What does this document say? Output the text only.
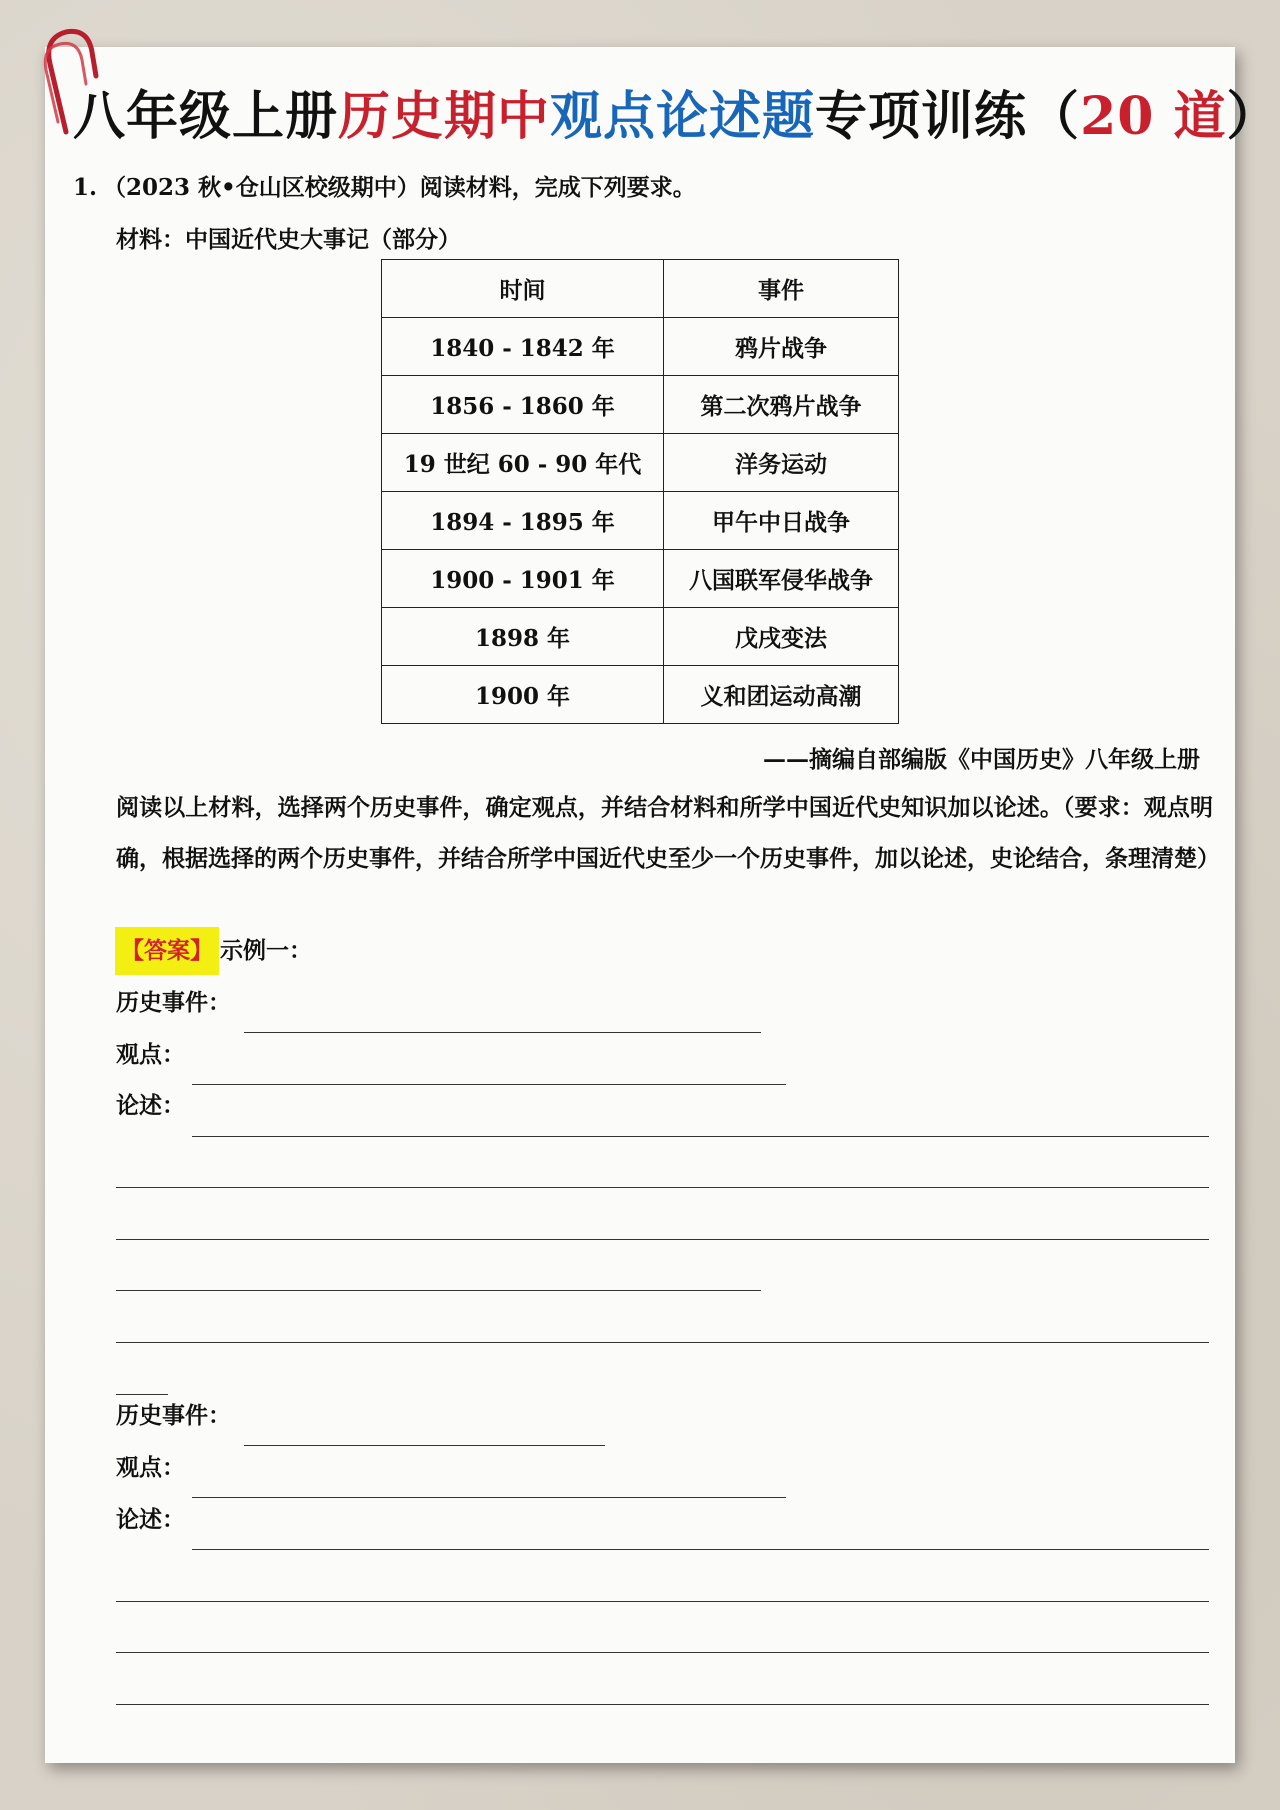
八年级上册历史期中观点论述题专项训练（20 道）
1. （2023 秋•仓山区校级期中）阅读材料，完成下列要求。
材料：中国近代史大事记（部分）
时间	事件
1840 - 1842 年	鸦片战争
1856 - 1860 年	第二次鸦片战争
19 世纪 60 - 90 年代	洋务运动
1894 - 1895 年	甲午中日战争
1900 - 1901 年	八国联军侵华战争
1898 年	戊戌变法
1900 年	义和团运动高潮
——摘编自部编版《中国历史》八年级上册
阅读以上材料，选择两个历史事件，确定观点，并结合材料和所学中国近代史知识加以论述。（要求：观点明确，根据选择的两个历史事件，并结合所学中国近代史至少一个历史事件，加以论述，史论结合，条理清楚）
【答案】 示例一：
历史事件：
观点：
论述：
历史事件：
观点：
论述：
